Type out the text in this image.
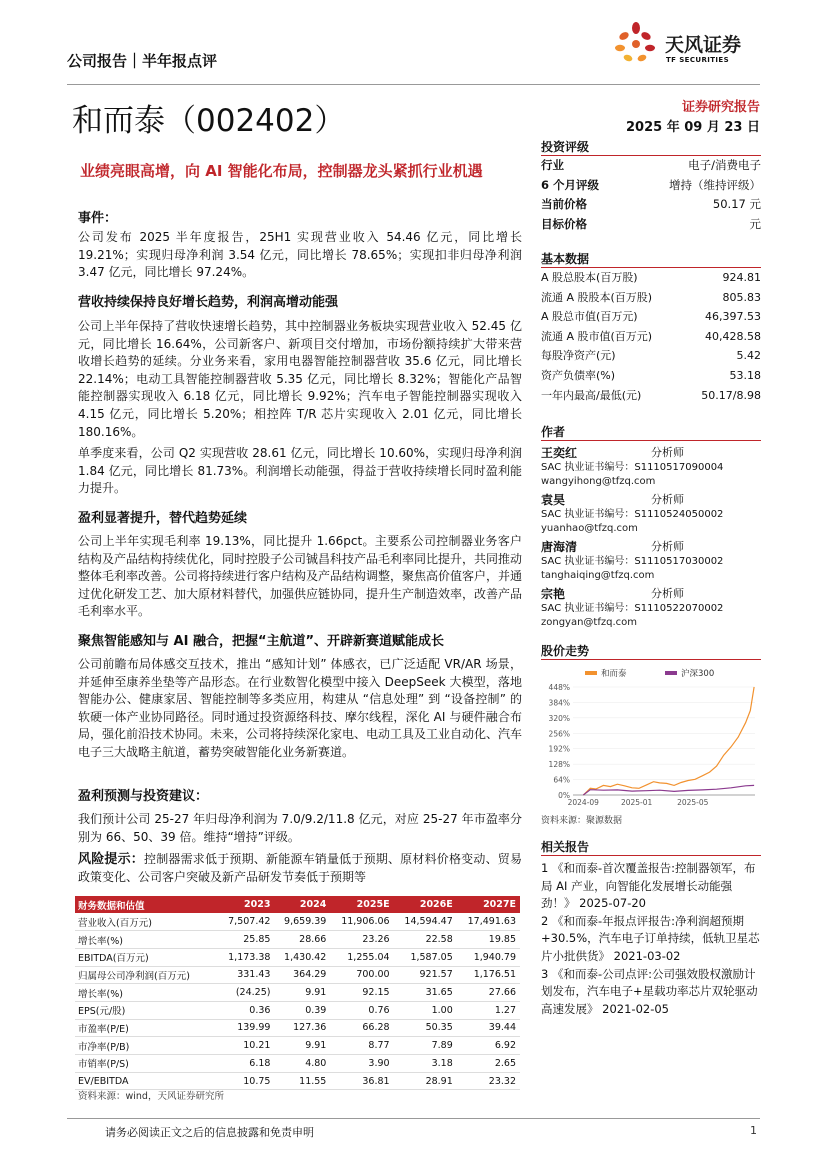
公司报告｜半年报点评
天风证券
TF SECURITIES
和而泰（002402）	证券研究报告
2025 年 09 月 23 日
业绩亮眼高增，向 AI 智能化布局，控制器龙头紧抓行业机遇
事件：
公司发布 2025 半年度报告，25H1 实现营业收入 54.46 亿元，同比增长 19.21%；实现归母净利润 3.54 亿元，同比增长 78.65%；实现扣非归母净利润 3.47 亿元，同比增长 97.24%。
营收持续保持良好增长趋势，利润高增动能强
公司上半年保持了营收快速增长趋势，其中控制器业务板块实现营业收入 52.45 亿元，同比增长 16.64%，公司新客户、新项目交付增加，市场份额持续扩大带来营收增长趋势的延续。分业务来看，家用电器智能控制器营收 35.6 亿元，同比增长 22.14%；电动工具智能控制器营收 5.35 亿元，同比增长 8.32%；智能化产品智能控制器实现收入 6.18 亿元，同比增长 9.92%；汽车电子智能控制器实现收入 4.15 亿元，同比增长 5.20%；相控阵 T/R 芯片实现收入 2.01 亿元，同比增长 180.16%。
单季度来看，公司 Q2 实现营收 28.61 亿元，同比增长 10.60%，实现归母净利润 1.84 亿元，同比增长 81.73%。利润增长动能强，得益于营收持续增长同时盈利能力提升。
盈利显著提升，替代趋势延续
公司上半年实现毛利率 19.13%，同比提升 1.66pct。主要系公司控制器业务客户结构及产品结构持续优化，同时控股子公司铖昌科技产品毛利率同比提升，共同推动整体毛利率改善。公司将持续进行客户结构及产品结构调整，聚焦高价值客户，并通过优化研发工艺、加大原材料替代，加强供应链协同，提升生产制造效率，改善产品毛利率水平。
聚焦智能感知与 AI 融合，把握“主航道”、开辟新赛道赋能成长
公司前瞻布局体感交互技术，推出 “感知计划” 体感衣，已广泛适配 VR/AR 场景，并延伸至康养坐垫等产品形态。在行业数智化模型中接入 DeepSeek 大模型，落地智能办公、健康家居、智能控制等多类应用，构建从 “信息处理” 到 “设备控制” 的软硬一体产业协同路径。同时通过投资源络科技、摩尔线程，深化 AI 与硬件融合布局，强化前沿技术协同。未来，公司将持续深化家电、电动工具及工业自动化、汽车电子三大战略主航道，蓄势突破智能化业务新赛道。
盈利预测与投资建议：
我们预计公司 25-27 年归母净利润为 7.0/9.2/11.8 亿元，对应 25-27 年市盈率分别为 66、50、39 倍。维持“增持”评级。
风险提示：控制器需求低于预期、新能源车销量低于预期、原材料价格变动、贸易政策变化、公司客户突破及新产品研发节奏低于预期等
财务数据和估值	2023	2024	2025E	2026E	2027E
营业收入(百万元)	7,507.42	9,659.39	11,906.06	14,594.47	17,491.63
增长率(%)	25.85	28.66	23.26	22.58	19.85
EBITDA(百万元)	1,173.38	1,430.42	1,255.04	1,587.05	1,940.79
归属母公司净利润(百万元)	331.43	364.29	700.00	921.57	1,176.51
增长率(%)	(24.25)	9.91	92.15	31.65	27.66
EPS(元/股)	0.36	0.39	0.76	1.00	1.27
市盈率(P/E)	139.99	127.36	66.28	50.35	39.44
市净率(P/B)	10.21	9.91	8.77	7.89	6.92
市销率(P/S)	6.18	4.80	3.90	3.18	2.65
EV/EBITDA	10.75	11.55	36.81	28.91	23.32
资料来源：wind，天风证券研究所
投资评级
行业	电子/消费电子
6 个月评级	增持（维持评级）
当前价格	50.17 元
目标价格	元
基本数据
A 股总股本(百万股)	924.81
流通 A 股股本(百万股)	805.83
A 股总市值(百万元)	46,397.53
流通 A 股市值(百万元)	40,428.58
每股净资产(元)	5.42
资产负债率(%)	53.18
一年内最高/最低(元)	50.17/8.98
作者
王奕红	分析师
SAC 执业证书编号：S1110517090004
wangyihong@tfzq.com
袁昊	分析师
SAC 执业证书编号：S1110524050002
yuanhao@tfzq.com
唐海清	分析师
SAC 执业证书编号：S1110517030002
tanghaiqing@tfzq.com
宗艳	分析师
SAC 执业证书编号：S1110522070002
zongyan@tfzq.com
股价走势
和而泰	沪深300
0%
64%
128%
192%
256%
320%
384%
448%
2024-09	2025-01	2025-05
资料来源：聚源数据
相关报告
1 《和而泰-首次覆盖报告:控制器领军，布局 AI 产业，向智能化发展增长动能强劲！》 2025-07-20
2 《和而泰-年报点评报告:净利润超预期+30.5%，汽车电子订单持续，低轨卫星芯片小批供货》 2021-03-02
3 《和而泰-公司点评:公司强效股权激励计划发布，汽车电子+星载功率芯片双轮驱动高速发展》 2021-02-05
请务必阅读正文之后的信息披露和免责申明	1
